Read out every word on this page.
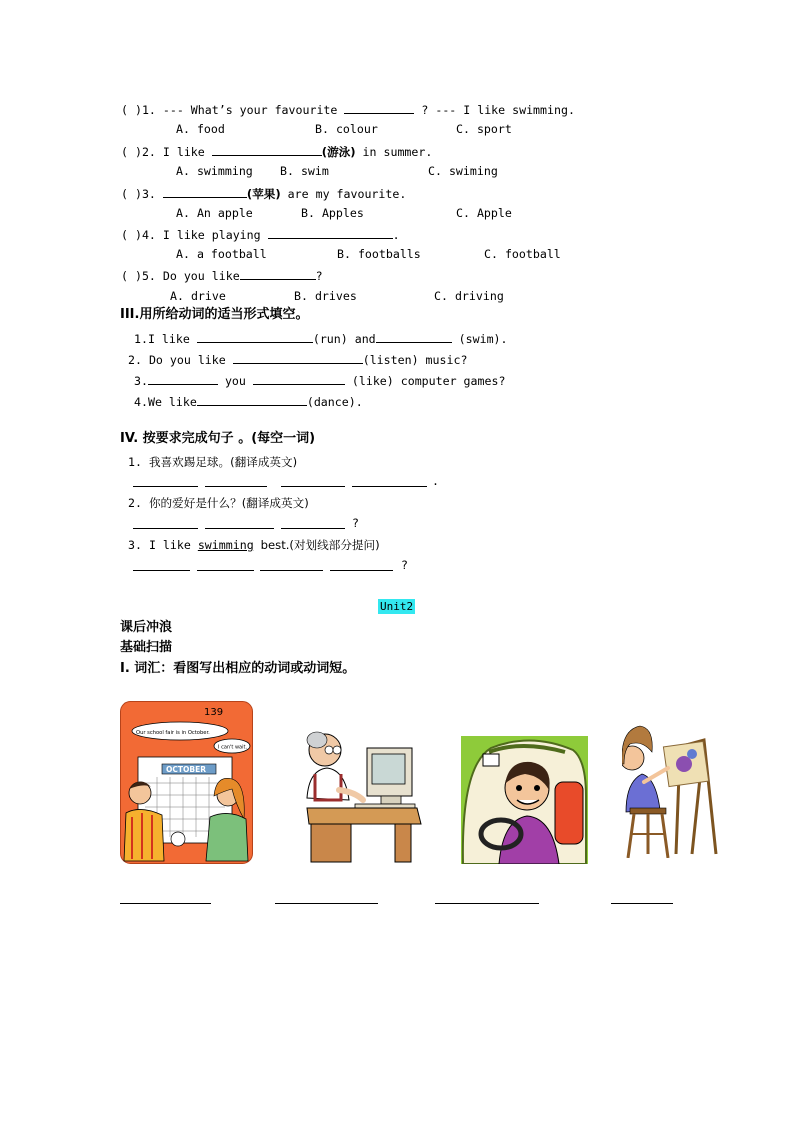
( )1. --- What’s your favourite	? --- I like swimming.
A. food	B. colour	C. sport
( )2. I like	(游泳) in summer.
A. swimming B. swim	C. swiming
( )3.	(苹果) are my favourite.
A. An apple	B. Apples	C. Apple
( )4. I like playing	.
A. a football	B. footballs	C. football
( )5. Do you like	?
A. drive	B. drives	C. driving
III.用所给动词的适当形式填空。
1.I like	(run) and	(swim).
2. Do you like	(listen) music?
3.	you	(like) computer games?
4.We like	(dance).
IV. 按要求完成句子 。(每空一词)
1. 我喜欢踢足球。(翻译成英文)
.
2. 你的爱好是什么？(翻译成英文)
?
3. I like swimming best.(对划线部分提问)
?
Unit2
课后冲浪
基础扫描
Ⅰ. 词汇：看图写出相应的动词或动词短。
139
Our school fair is in October.
I can't wait.
OCTOBER
